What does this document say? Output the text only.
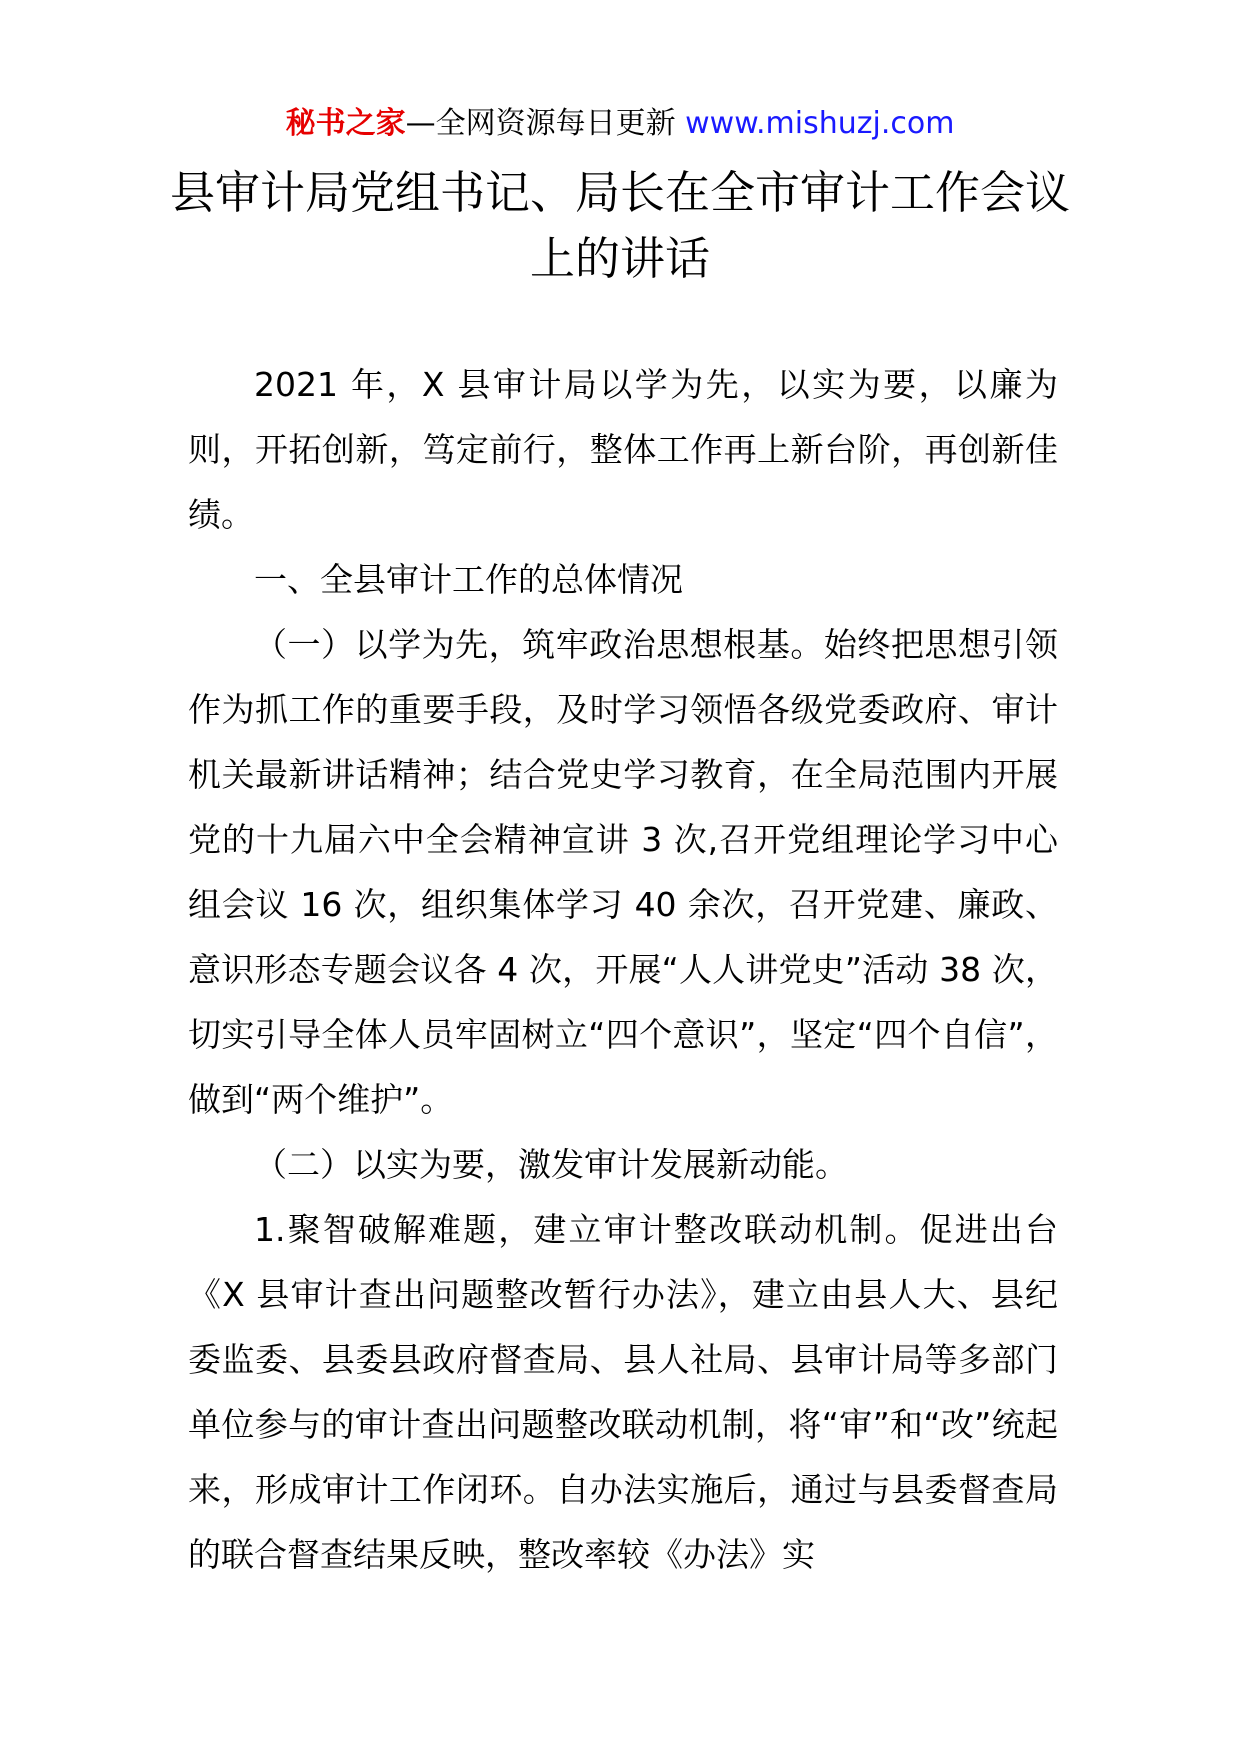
秘书之家—全网资源每日更新 www.mishuzj.com
县审计局党组书记、局长在全市审计工作会议上的讲话

2021 年，X 县审计局以学为先，以实为要，以廉为则，开拓创新，笃定前行，整体工作再上新台阶，再创新佳绩。

一、全县审计工作的总体情况

（一）以学为先，筑牢政治思想根基。始终把思想引领作为抓工作的重要手段，及时学习领悟各级党委政府、审计机关最新讲话精神；结合党史学习教育，在全局范围内开展党的十九届六中全会精神宣讲 3 次,召开党组理论学习中心组会议 16 次，组织集体学习 40 余次，召开党建、廉政、意识形态专题会议各 4 次，开展“人人讲党史”活动 38 次，切实引导全体人员牢固树立“四个意识”，坚定“四个自信”，做到“两个维护”。

（二）以实为要，激发审计发展新动能。

1.聚智破解难题，建立审计整改联动机制。促进出台《X 县审计查出问题整改暂行办法》，建立由县人大、县纪委监委、县委县政府督查局、县人社局、县审计局等多部门单位参与的审计查出问题整改联动机制，将“审”和“改”统起来，形成审计工作闭环。自办法实施后，通过与县委督查局的联合督查结果反映，整改率较《办法》实
